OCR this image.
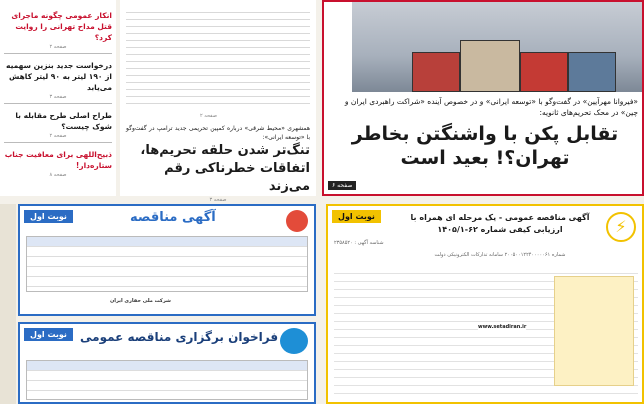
انکار عمومی چگونه ماجرای قتل مداح تهرانی را روایت کرد؟
صفحه ۲
درخواست جدید بنزین سهمیه از ۱۹۰ لیتر به ۹۰ لیتر کاهش می‌یابد
صفحه ۳
طراح اصلی طرح مقابله با شوک چیست؟
صفحه ۲
ذبیح‌اللهی برای معافیت جناب ستاره‌دار!
صفحه ۸
صفحه ۲
همشهری «محیط شرقی» درباره کمپین تحریمی جدید ترامپ در گفت‌وگو با «توسعه ایرانی»:
تنگ‌تر شدن حلقه تحریم‌ها، اتفاقات خطرناکی رقم می‌زند
صفحه ۳
«فیروانا مهرآیین» در گفت‌وگو با «توسعه ایرانی» و در خصوص آینده «شراکت راهبردی ایران و چین» در محک تحریم‌های ثانویه:
تقابل پکن با واشنگتن بخاطر تهران؟! بعید است
صفحه ۶
نوبت اول	آگهی مناقصه
شرکت ملی حفاری ایران
نوبت اول	فراخوان برگزاری مناقصه عمومی
نوبت اول	آگهی مناقصه عمومی - یک مرحله ای همراه با ارزیابی کیفی شماره ۶۲-۱۴۰۵/۱	⚡
شناسه آگهی : ۲۳۵۸۵۲۰
شماره ۲۰۰۵۰۰۱۲۲۴۰۰۰۰۰۶۱ سامانه تدارکات الکترونیکی دولت
www.setadiran.ir
